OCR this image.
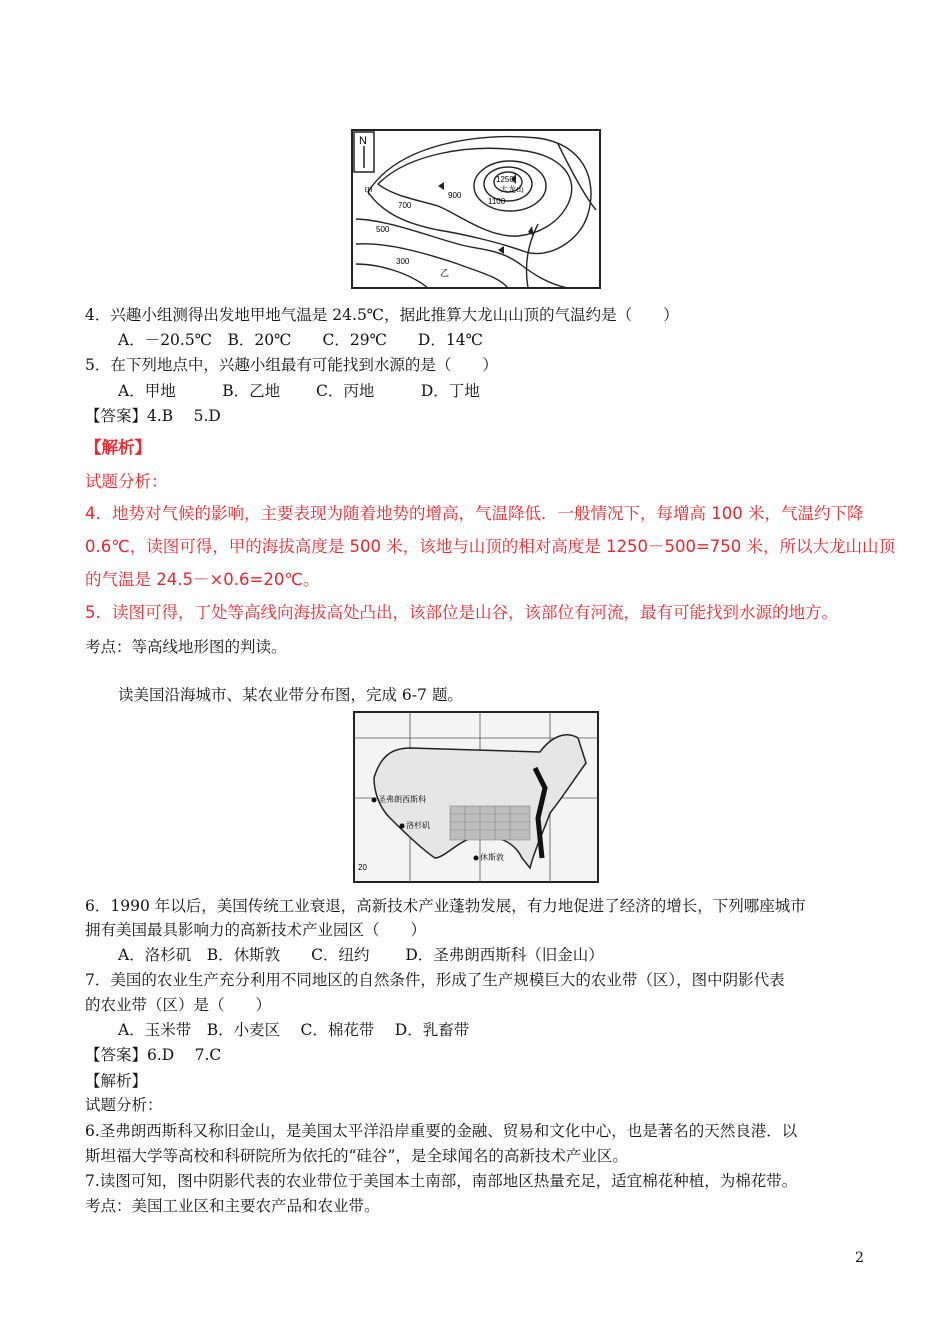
N
1250
大龙山
1100
900
700
500
300
甲
乙
4．兴趣小组测得出发地甲地气温是 24.5℃，据此推算大龙山山顶的气温约是（　　）
A．－20.5℃　B．20℃　　C．29℃　　D．14℃
5．在下列地点中，兴趣小组最有可能找到水源的是（　　）
A．甲地　　　B．乙地　　 C．丙地　　　D．丁地
【答案】4.B　 5.D
【解析】
试题分析：
4．地势对气候的影响，主要表现为随着地势的增高，气温降低．一般情况下，每增高 100 米，气温约下降
0.6℃，读图可得，甲的海拔高度是 500 米，该地与山顶的相对高度是 1250－500=750 米，所以大龙山山顶
的气温是 24.5－×0.6=20℃。
5．读图可得，丁处等高线向海拔高处凸出，该部位是山谷，该部位有河流，最有可能找到水源的地方。
考点：等高线地形图的判读。
读美国沿海城市、某农业带分布图，完成 6-7 题。
圣弗朗西斯科
洛杉矶
休斯敦
20
6．1990 年以后，美国传统工业衰退，高新技术产业蓬勃发展，有力地促进了经济的增长，下列哪座城市
拥有美国最具影响力的高新技术产业园区（　　）
A．洛杉矶　B．休斯敦　　C．纽约　　 D．圣弗朗西斯科（旧金山）
7．美国的农业生产充分利用不同地区的自然条件，形成了生产规模巨大的农业带（区），图中阴影代表
的农业带（区）是（　　）
A．玉米带　B．小麦区　 C．棉花带　 D．乳畜带
【答案】6.D　 7.C
【解析】
试题分析：
6.圣弗朗西斯科又称旧金山，是美国太平洋沿岸重要的金融、贸易和文化中心，也是著名的天然良港．以
斯坦福大学等高校和科研院所为依托的“硅谷”，是全球闻名的高新技术产业区。
7.读图可知，图中阴影代表的农业带位于美国本土南部，南部地区热量充足，适宜棉花种植，为棉花带。
考点：美国工业区和主要农产品和农业带。
2
